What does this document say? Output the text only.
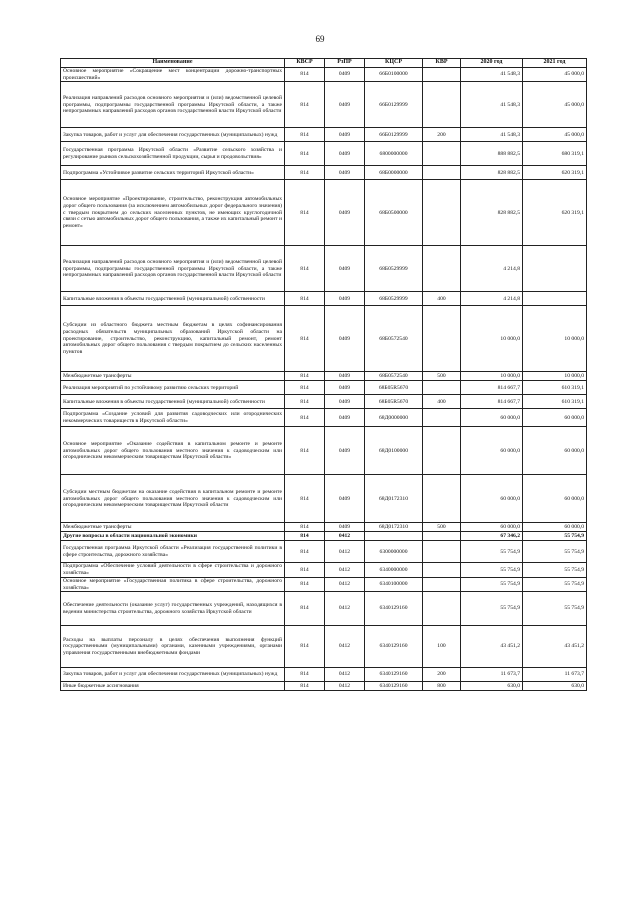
69
Наименование	КВСР	РзПР	КЦСР	КВР	2020 год	2021 год
Основное мероприятие «Сокращение мест концентрации дорожно-транспортных происшествий»	814	0409	66Б0100000		41 548,3	45 000,0
Реализация направлений расходов основного мероприятия и (или) ведомственной целевой программы, подпрограммы государственной программы Иркутской области, а также непрограммных направлений расходов органов государственной власти Иркутской области	814	0409	66Б0129999		41 548,3	45 000,0
Закупка товаров, работ и услуг для обеспечения государственных (муниципальных) нужд	814	0409	66Б0129999	200	41 548,3	45 000,0
Государственная программа Иркутской области «Развитие сельского хозяйства и регулирование рынков сельскохозяйственной продукции, сырья и продовольствия»	814	0409	6800000000		888 882,5	680 319,1
Подпрограмма «Устойчивое развитие сельских территорий Иркутской области»	814	0409	68Б0000000		828 882,5	620 319,1
Основное мероприятие «Проектирование, строительство, реконструкция автомобильных дорог общего пользования (за исключением автомобильных дорог федерального значения) с твердым покрытием до сельских населенных пунктов, не имеющих круглогодичной связи с сетью автомобильных дорог общего пользования, а также их капитальный ремонт и ремонт»	814	0409	68Б0500000		828 882,5	620 319,1
Реализация направлений расходов основного мероприятия и (или) ведомственной целевой программы, подпрограммы государственной программы Иркутской области, а также непрограммных направлений расходов органов государственной власти Иркутской области	814	0409	68Б0529999		4 214,8	
Капитальные вложения в объекты государственной (муниципальной) собственности	814	0409	68Б0529999	400	4 214,8	
Субсидии из областного бюджета местным бюджетам в целях софинансирования расходных обязательств муниципальных образований Иркутской области на проектирование, строительство, реконструкцию, капитальный ремонт, ремонт автомобильных дорог общего пользования с твердым покрытием до сельских населенных пунктов	814	0409	68Б0572540		10 000,0	10 000,0
Межбюджетные трансферты	814	0409	68Б0572540	500	10 000,0	10 000,0
Реализация мероприятий по устойчивому развитию сельских территорий	814	0409	68Б05R5670		814 667,7	610 319,1
Капитальные вложения в объекты государственной (муниципальной) собственности	814	0409	68Б05R5670	400	814 667,7	610 319,1
Подпрограмма «Создание условий для развития садоводческих или огороднических некоммерческих товариществ в Иркутской области»	814	0409	68Д0000000		60 000,0	60 000,0
Основное мероприятие «Оказание содействия в капитальном ремонте и ремонте автомобильных дорог общего пользования местного значения к садоводческим или огородническим некоммерческим товариществам Иркутской области»	814	0409	68Д0100000		60 000,0	60 000,0
Субсидии местным бюджетам на оказание содействия в капитальном ремонте и ремонте автомобильных дорог общего пользования местного значения к садоводческим или огородническим некоммерческим товариществам Иркутской области	814	0409	68Д0172310		60 000,0	60 000,0
Межбюджетные трансферты	814	0409	68Д0172310	500	60 000,0	60 000,0
Другие вопросы в области национальной экономики	814	0412			67 346,2	55 754,9
Государственная программа Иркутской области «Реализация государственной политики в сфере строительства, дорожного хозяйства»	814	0412	6300000000		55 754,9	55 754,9
Подпрограмма «Обеспечение условий деятельности в сфере строительства и дорожного хозяйства»	814	0412	6340000000		55 754,9	55 754,9
Основное мероприятие «Государственная политика в сфере строительства, дорожного хозяйства»	814	0412	6340100000		55 754,9	55 754,9
Обеспечение деятельности (оказание услуг) государственных учреждений, находящихся в ведении министерства строительства, дорожного хозяйства Иркутской области	814	0412	6340129160		55 754,9	55 754,9
Расходы на выплаты персоналу в целях обеспечения выполнения функций государственными (муниципальными) органами, казенными учреждениями, органами управления государственными внебюджетными фондами	814	0412	6340129160	100	43 451,2	43 451,2
Закупка товаров, работ и услуг для обеспечения государственных (муниципальных) нужд	814	0412	6340129160	200	11 673,7	11 673,7
Иные бюджетные ассигнования	814	0412	6340129160	800	630,0	630,0
